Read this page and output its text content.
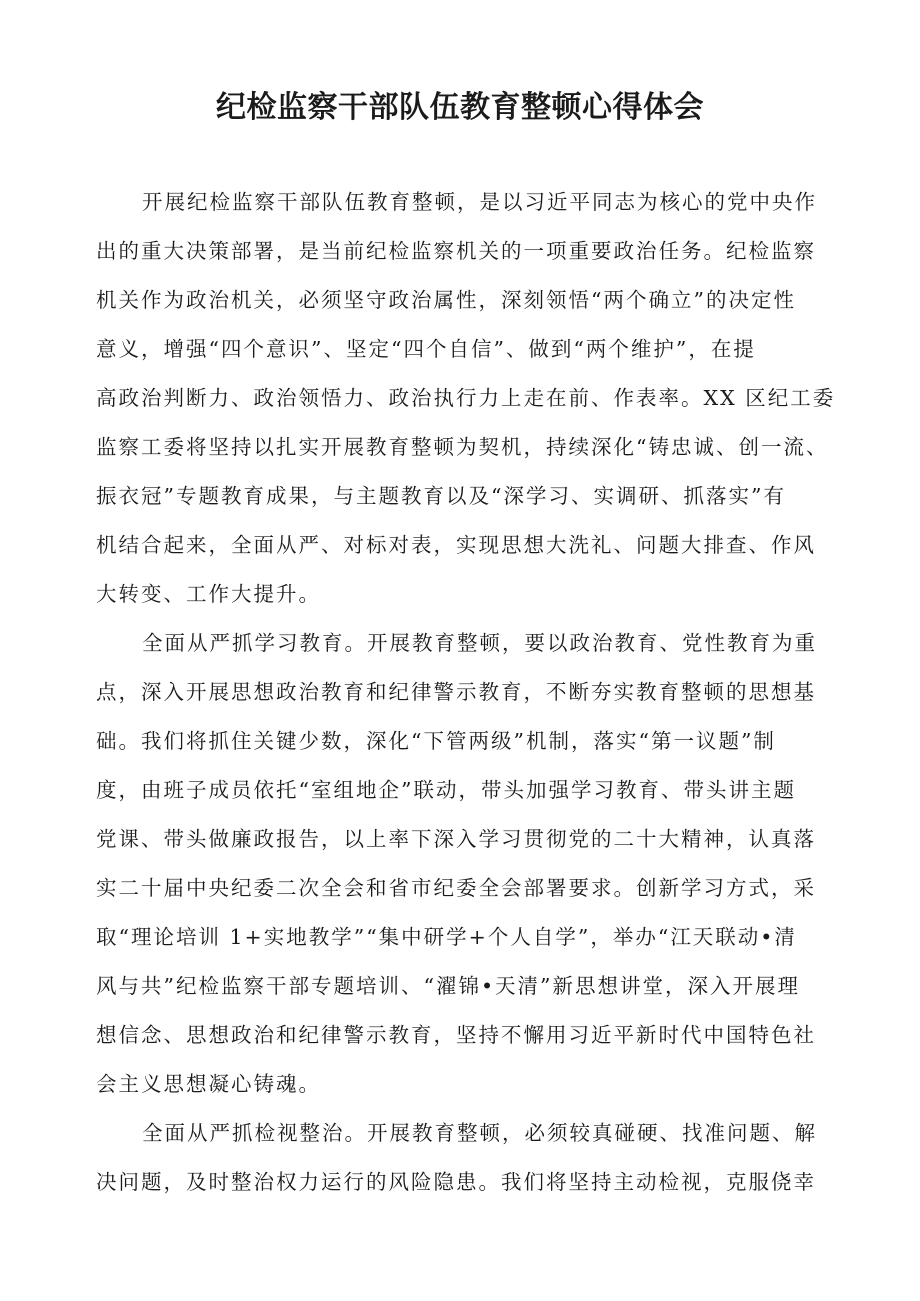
纪检监察干部队伍教育整顿心得体会
开展纪检监察干部队伍教育整顿，是以习近平同志为核心的党中央作
出的重大决策部署，是当前纪检监察机关的一项重要政治任务。纪检监察
机关作为政治机关，必须坚守政治属性，深刻领悟“两个确立”的决定性
意义，增强“四个意识”、坚定“四个自信”、做到“两个维护”，在提
高政治判断力、政治领悟力、政治执行力上走在前、作表率。XX 区纪工委
监察工委将坚持以扎实开展教育整顿为契机，持续深化“铸忠诚、创一流、
振衣冠”专题教育成果，与主题教育以及“深学习、实调研、抓落实”有
机结合起来，全面从严、对标对表，实现思想大洗礼、问题大排查、作风
大转变、工作大提升。
全面从严抓学习教育。开展教育整顿，要以政治教育、党性教育为重
点，深入开展思想政治教育和纪律警示教育，不断夯实教育整顿的思想基
础。我们将抓住关键少数，深化“下管两级”机制，落实“第一议题”制
度，由班子成员依托“室组地企”联动，带头加强学习教育、带头讲主题
党课、带头做廉政报告，以上率下深入学习贯彻党的二十大精神，认真落
实二十届中央纪委二次全会和省市纪委全会部署要求。创新学习方式，采
取“理论培训 1+实地教学”“集中研学+个人自学”，举办“江天联动•清
风与共”纪检监察干部专题培训、“濯锦•天清”新思想讲堂，深入开展理
想信念、思想政治和纪律警示教育，坚持不懈用习近平新时代中国特色社
会主义思想凝心铸魂。
全面从严抓检视整治。开展教育整顿，必须较真碰硬、找准问题、解
决问题，及时整治权力运行的风险隐患。我们将坚持主动检视，克服侥幸
